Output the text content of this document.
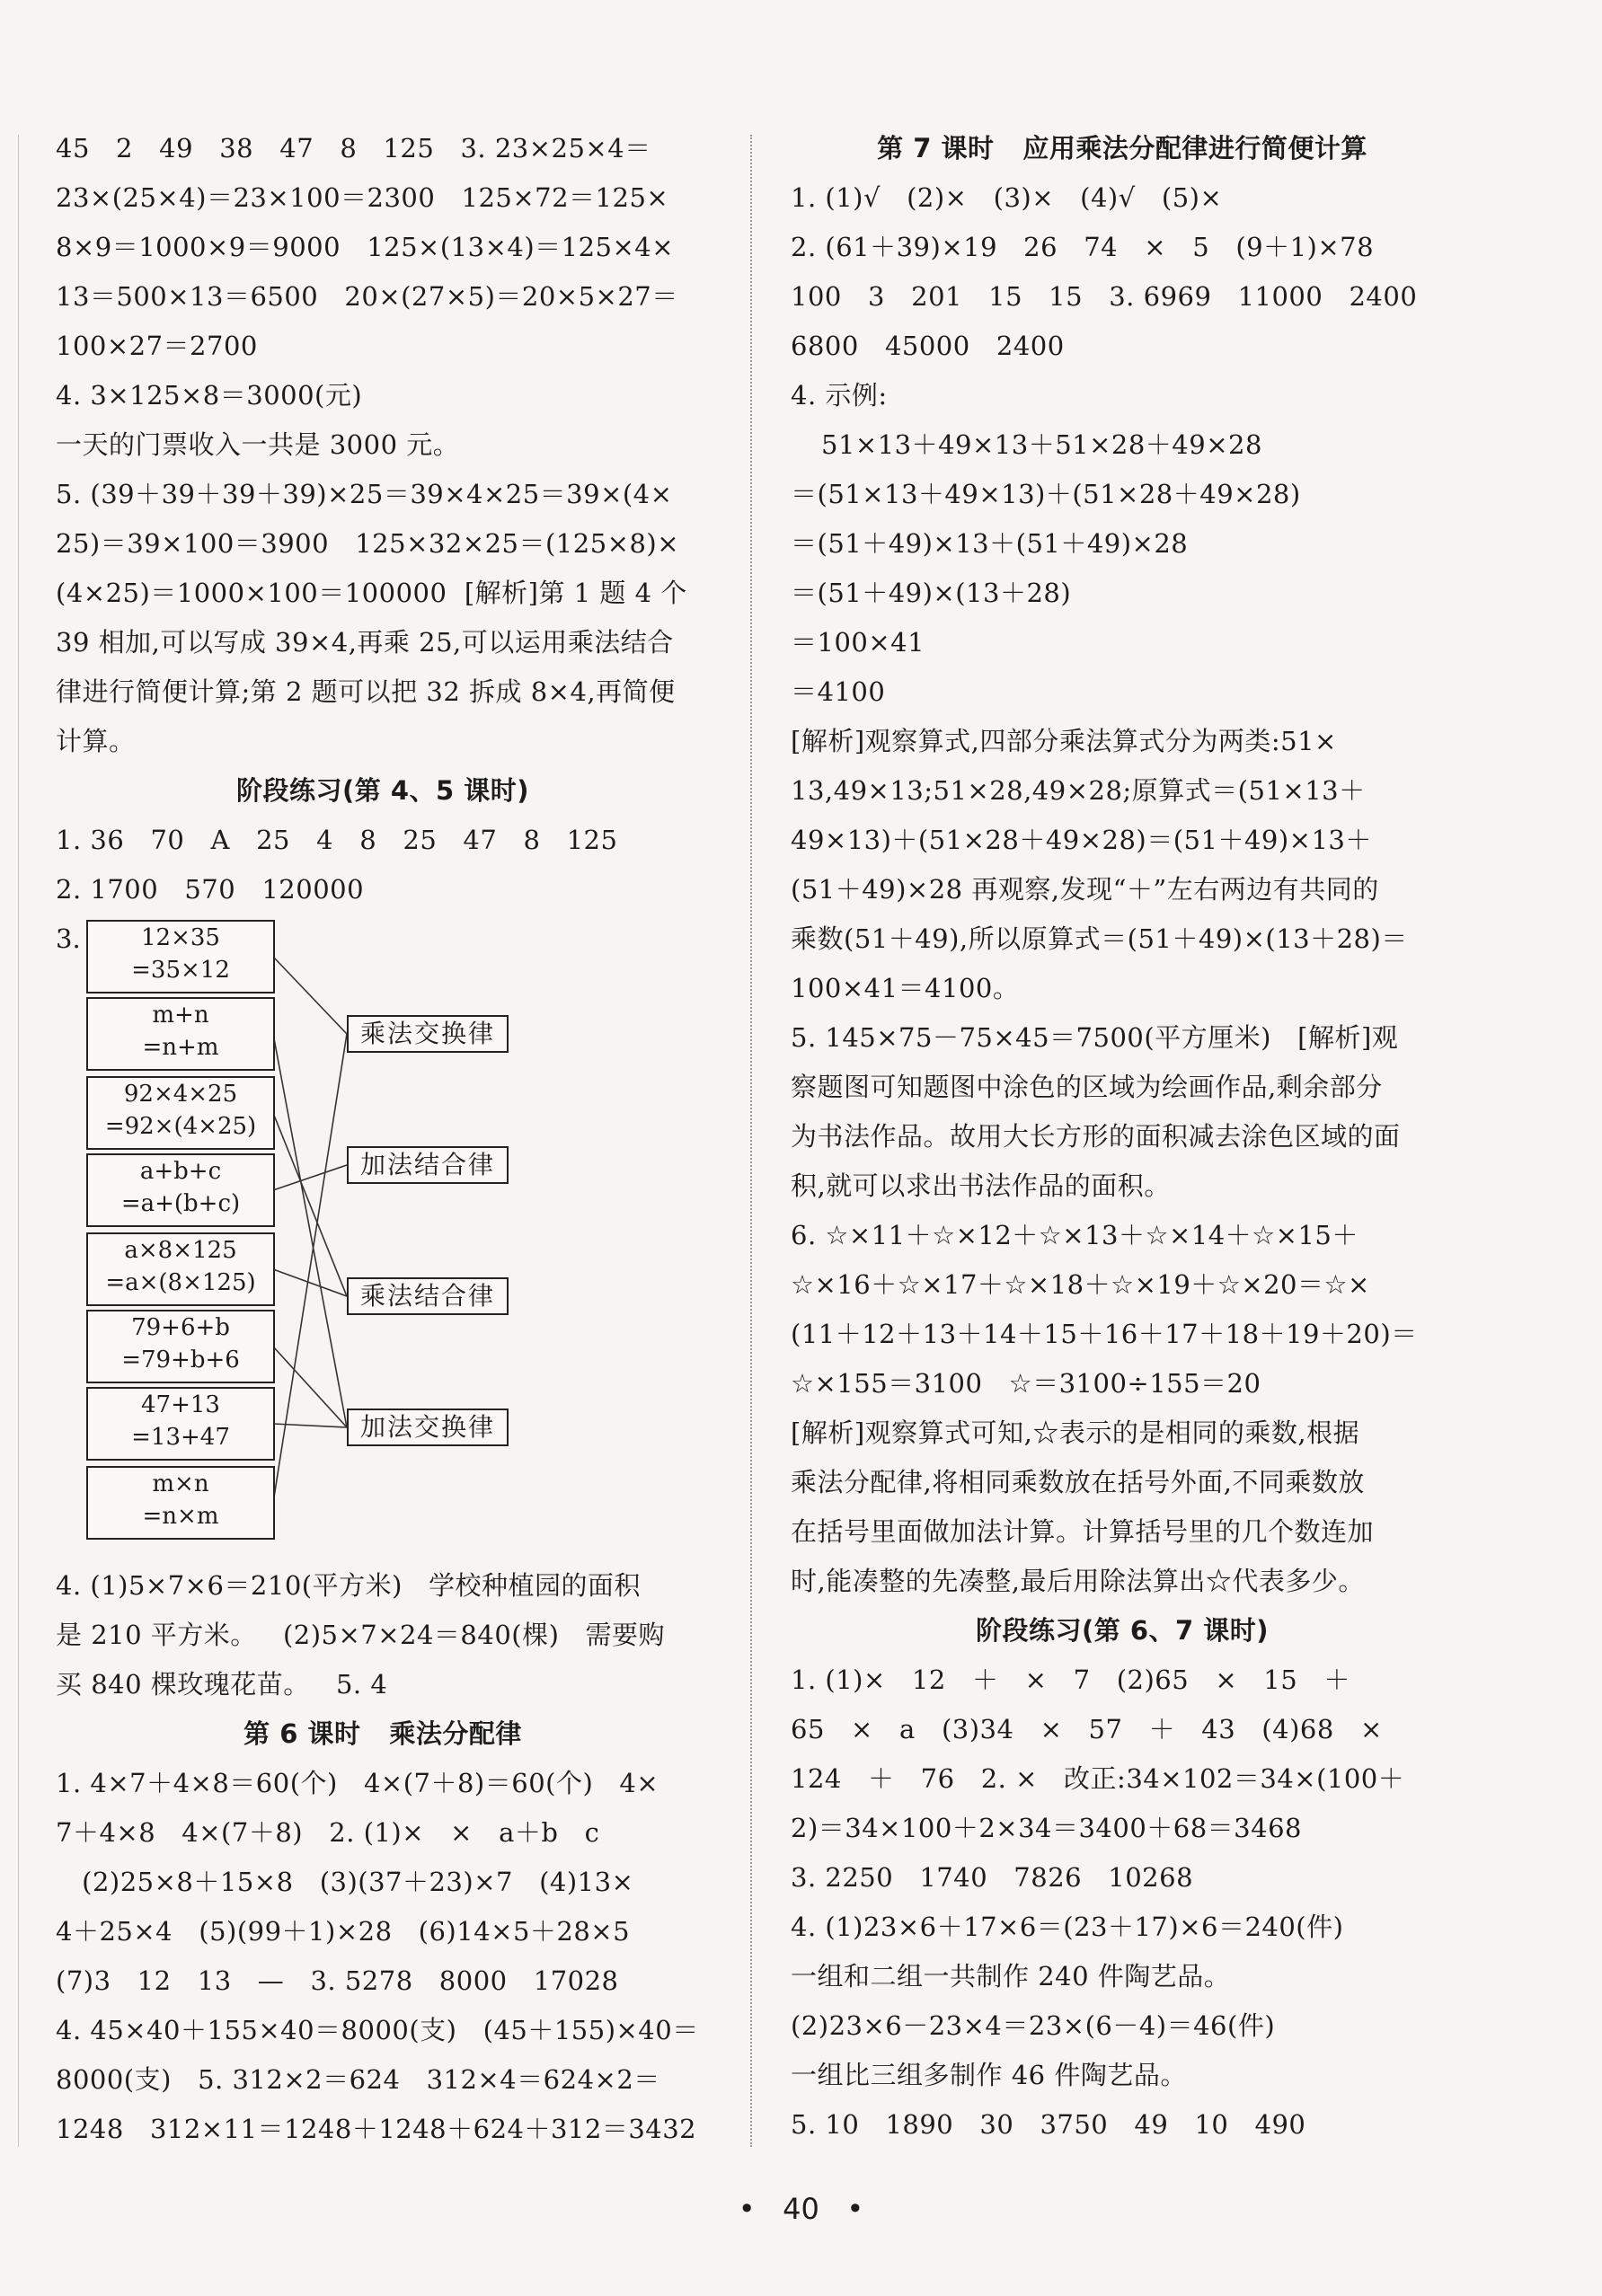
45   2   49   38   47   8   125   3. 23×25×4＝
23×(25×4)＝23×100＝2300   125×72＝125×
8×9＝1000×9＝9000   125×(13×4)＝125×4×
13＝500×13＝6500   20×(27×5)＝20×5×27＝
100×27＝2700
4. 3×125×8＝3000(元)
一天的门票收入一共是 3000 元。
5. (39＋39＋39＋39)×25＝39×4×25＝39×(4×
25)＝39×100＝3900   125×32×25＝(125×8)×
(4×25)＝1000×100＝100000  [解析]第 1 题 4 个
39 相加,可以写成 39×4,再乘 25,可以运用乘法结合
律进行简便计算;第 2 题可以把 32 拆成 8×4,再简便
计算。
阶段练习(第 4、5 课时)
1. 36   70   A   25   4   8   25   47   8   125
2. 1700   570   120000
3.	12×35
=35×12
m+n
=n+m
92×4×25
=92×(4×25)
a+b+c
=a+(b+c)
a×8×125
=a×(8×125)
79+6+b
=79+b+6
47+13
=13+47
m×n
=n×m
乘法交换律
加法结合律
乘法结合律
加法交换律
4. (1)5×7×6＝210(平方米)   学校种植园的面积
是 210 平方米。   (2)5×7×24＝840(棵)   需要购
买 840 棵玫瑰花苗。   5. 4
第 6 课时   乘法分配律
1. 4×7＋4×8＝60(个)   4×(7＋8)＝60(个)   4×
7＋4×8   4×(7＋8)   2. (1)×   ×   a＋b   c
(2)25×8＋15×8   (3)(37＋23)×7   (4)13×
4＋25×4   (5)(99＋1)×28   (6)14×5＋28×5
(7)3   12   13   —   3. 5278   8000   17028
4. 45×40＋155×40＝8000(支)   (45＋155)×40＝
8000(支)   5. 312×2＝624   312×4＝624×2＝
1248   312×11＝1248＋1248＋624＋312＝3432
第 7 课时   应用乘法分配律进行简便计算
1. (1)√   (2)×   (3)×   (4)√   (5)×
2. (61＋39)×19   26   74   ×   5   (9＋1)×78
100   3   201   15   15   3. 6969   11000   2400
6800   45000   2400
4. 示例:
51×13＋49×13＋51×28＋49×28
＝(51×13＋49×13)＋(51×28＋49×28)
＝(51＋49)×13＋(51＋49)×28
＝(51＋49)×(13＋28)
＝100×41
＝4100
[解析]观察算式,四部分乘法算式分为两类:51×
13,49×13;51×28,49×28;原算式＝(51×13＋
49×13)＋(51×28＋49×28)＝(51＋49)×13＋
(51＋49)×28 再观察,发现“＋”左右两边有共同的
乘数(51＋49),所以原算式＝(51＋49)×(13＋28)＝
100×41＝4100。
5. 145×75－75×45＝7500(平方厘米)   [解析]观
察题图可知题图中涂色的区域为绘画作品,剩余部分
为书法作品。故用大长方形的面积减去涂色区域的面
积,就可以求出书法作品的面积。
6. ☆×11＋☆×12＋☆×13＋☆×14＋☆×15＋
☆×16＋☆×17＋☆×18＋☆×19＋☆×20＝☆×
(11＋12＋13＋14＋15＋16＋17＋18＋19＋20)＝
☆×155＝3100   ☆＝3100÷155＝20
[解析]观察算式可知,☆表示的是相同的乘数,根据
乘法分配律,将相同乘数放在括号外面,不同乘数放
在括号里面做加法计算。计算括号里的几个数连加
时,能凑整的先凑整,最后用除法算出☆代表多少。
阶段练习(第 6、7 课时)
1. (1)×   12   ＋   ×   7   (2)65   ×   15   ＋
65   ×   a   (3)34   ×   57   ＋   43   (4)68   ×
124   ＋   76   2. ×   改正:34×102＝34×(100＋
2)＝34×100＋2×34＝3400＋68＝3468
3. 2250   1740   7826   10268
4. (1)23×6＋17×6＝(23＋17)×6＝240(件)
一组和二组一共制作 240 件陶艺品。
(2)23×6－23×4＝23×(6－4)＝46(件)
一组比三组多制作 46 件陶艺品。
5. 10   1890   30   3750   49   10   490
• 40 •
